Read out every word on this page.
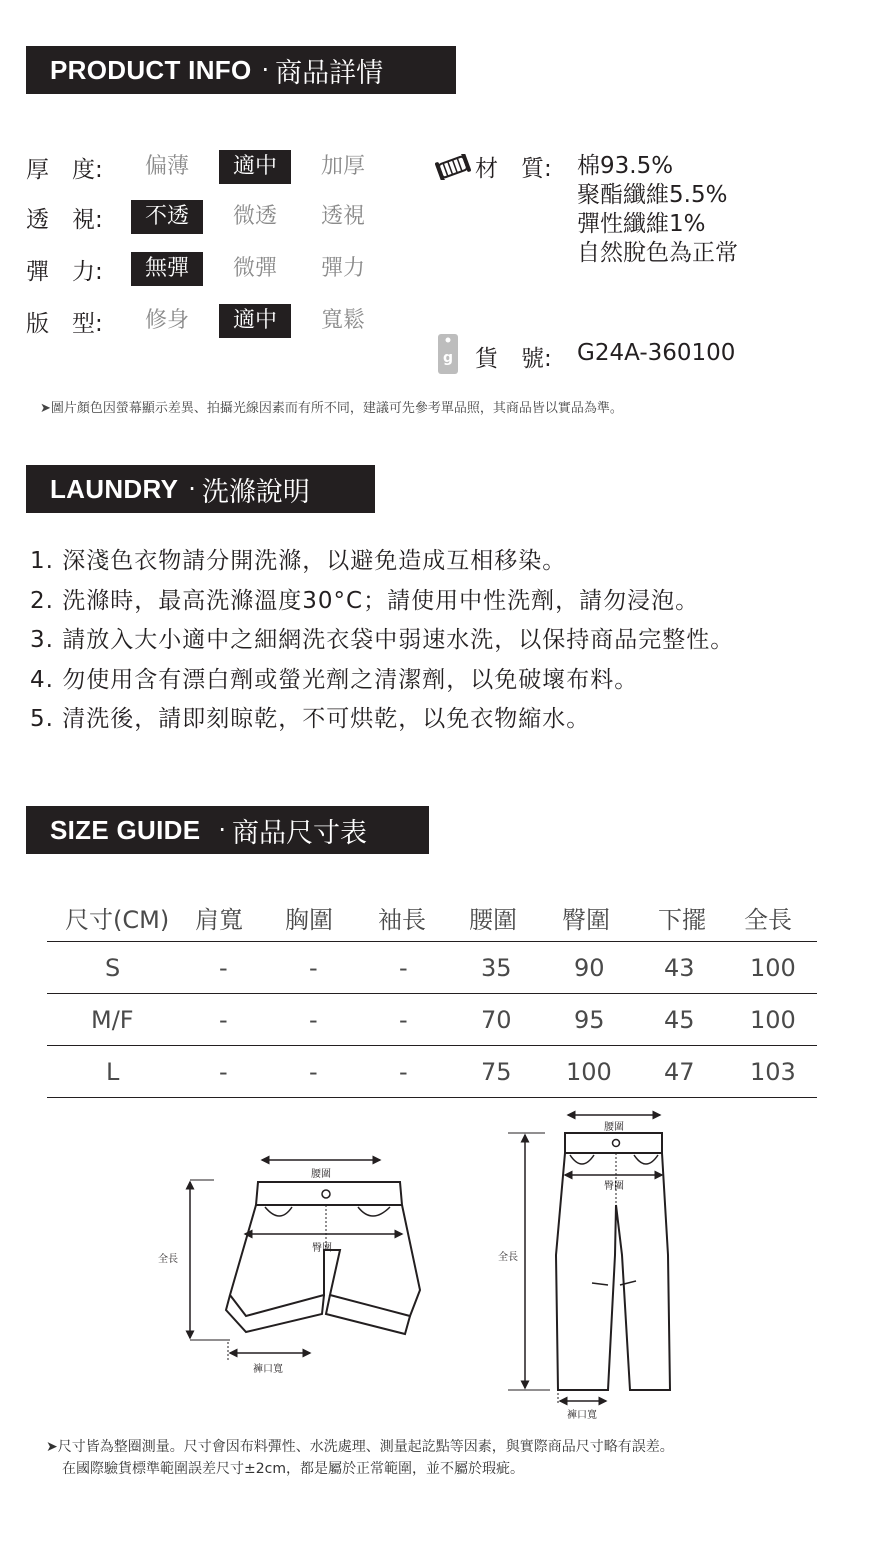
PRODUCT INFO · 商品詳情
厚　度:	偏薄	適中	加厚
透　視:	不透	微透	透視
彈　力:	無彈	微彈	彈力
版　型:	修身	適中	寬鬆
材　質:	棉93.5%
聚酯纖維5.5%
彈性纖維1%
自然脫色為正常
g 貨　號: G24A-360100
➤圖片顏色因螢幕顯示差異、拍攝光線因素而有所不同，建議可先參考單品照，其商品皆以實品為準。
LAUNDRY · 洗滌說明
1. 深淺色衣物請分開洗滌，以避免造成互相移染。
2. 洗滌時，最高洗滌溫度30°C；請使用中性洗劑，請勿浸泡。
3. 請放入大小適中之細網洗衣袋中弱速水洗，以保持商品完整性。
4. 勿使用含有漂白劑或螢光劑之清潔劑，以免破壞布料。
5. 清洗後，請即刻晾乾，不可烘乾，以免衣物縮水。
SIZE GUIDE · 商品尺寸表
尺寸(CM) 肩寬 胸圍 袖長 腰圍 臀圍 下擺 全長
S	-	-	-	35	90 43 100
M/F	-	-	-	70	95 45 100
L	-	-	-	75 100 47 103
腰圍
臀圍
全長
褲口寬
腰圍
臀圍
全長
褲口寬
➤尺寸皆為整圈測量。尺寸會因布料彈性、水洗處理、測量起訖點等因素，與實際商品尺寸略有誤差。
在國際驗貨標準範圍誤差尺寸±2cm，都是屬於正常範圍，並不屬於瑕疵。
